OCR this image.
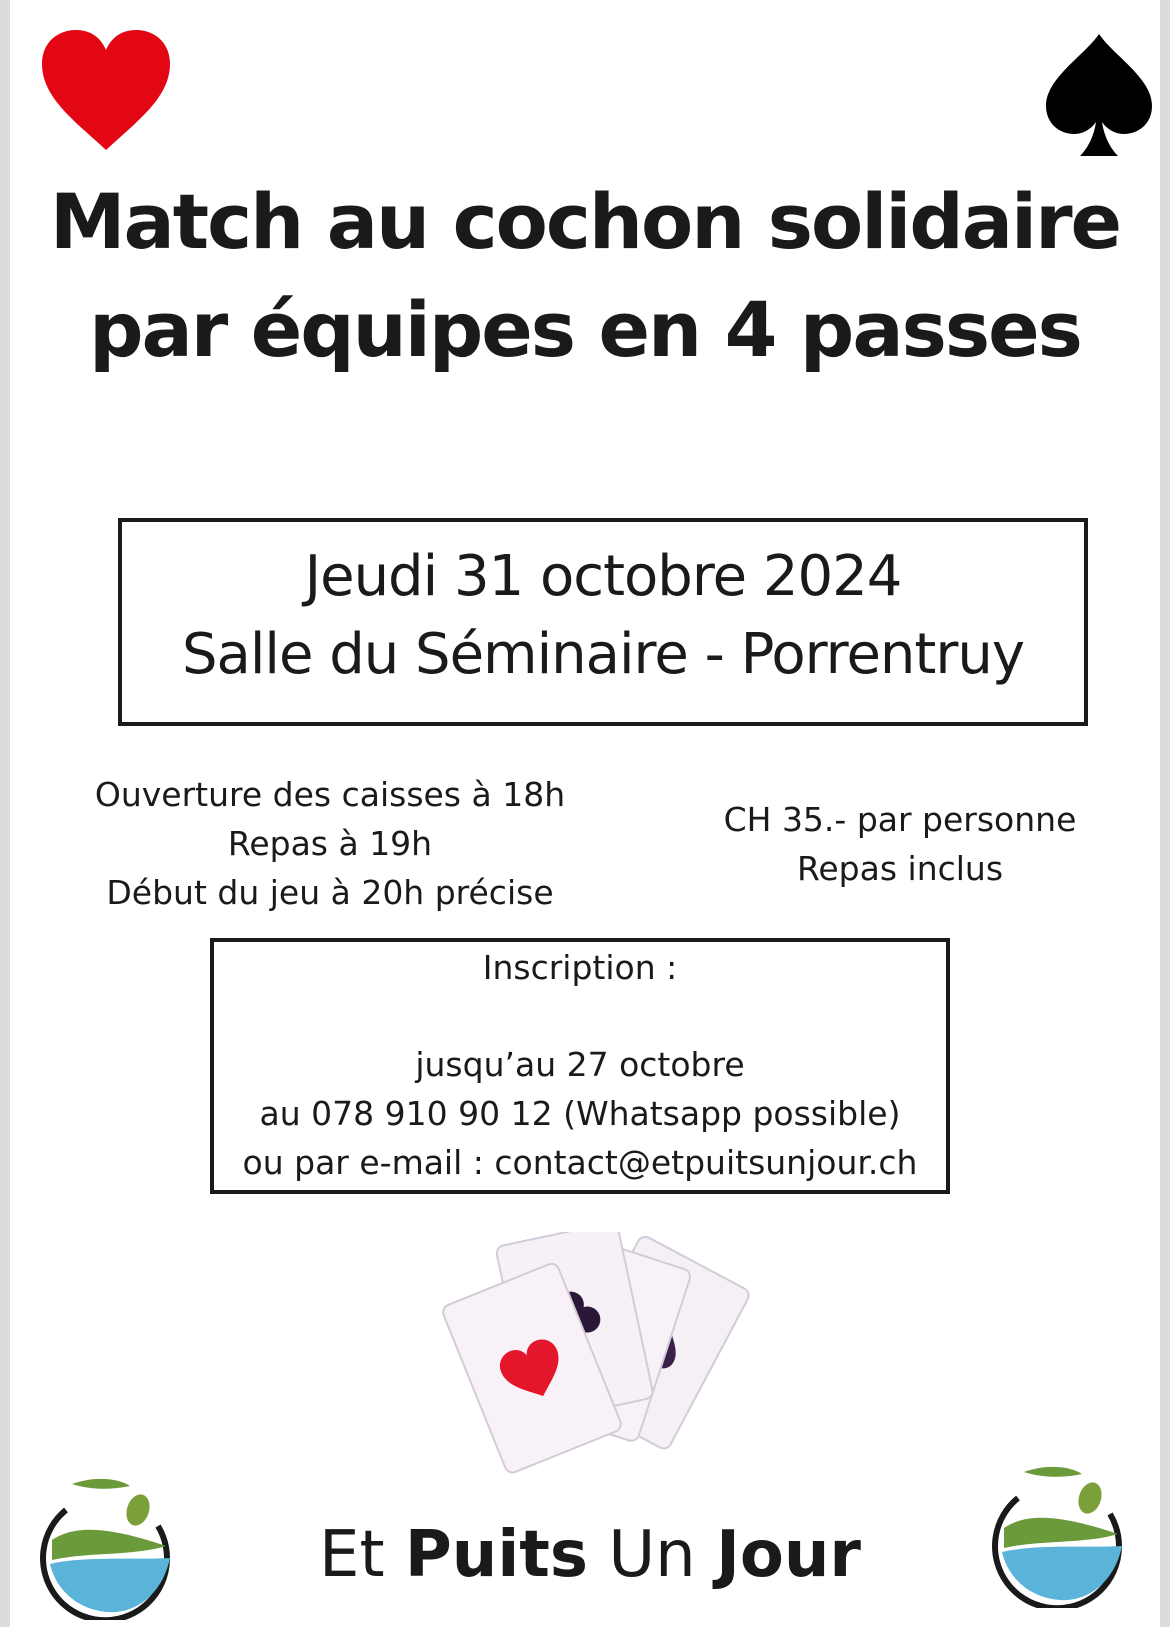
Match au cochon solidaire
par équipes en 4 passes
Jeudi 31 octobre 2024
Salle du Séminaire - Porrentruy
Ouverture des caisses à 18h
Repas à 19h
Début du jeu à 20h précise
CH 35.- par personne
Repas inclus
Inscription :
jusqu’au 27 octobre
au 078 910 90 12 (Whatsapp possible)
ou par e-mail : contact@etpuitsunjour.ch
Et Puits Un Jour
